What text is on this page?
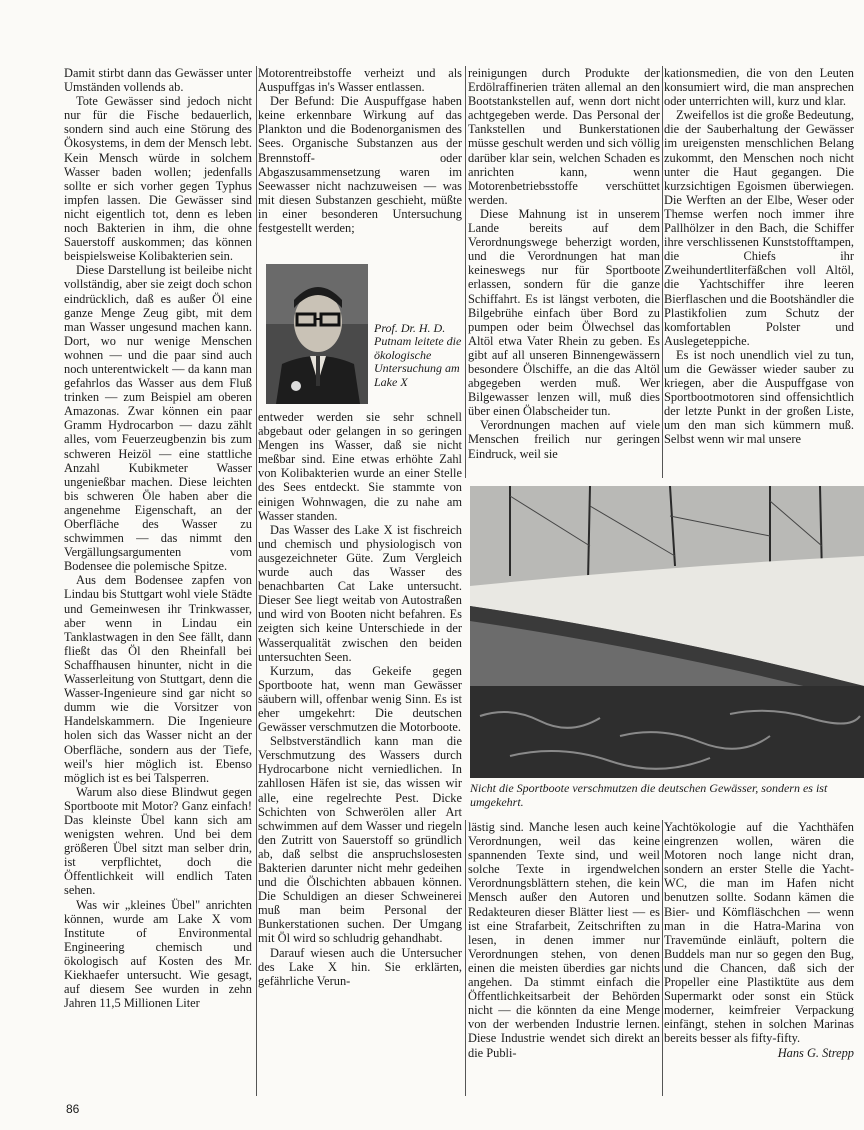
Damit stirbt dann das Gewässer unter Umständen vollends ab.

Tote Gewässer sind jedoch nicht nur für die Fische bedauerlich, sondern sind auch eine Störung des Ökosystems, in dem der Mensch lebt. Kein Mensch würde in solchem Wasser baden wollen; jedenfalls sollte er sich vorher gegen Typhus impfen lassen. Die Gewässer sind nicht eigentlich tot, denn es leben noch Bakterien in ihm, die ohne Sauerstoff auskommen; das können beispielsweise Kolibakterien sein.

Diese Darstellung ist beileibe nicht vollständig, aber sie zeigt doch schon eindrücklich, daß es außer Öl eine ganze Menge Zeug gibt, mit dem man Wasser ungesund machen kann. Dort, wo nur wenige Menschen wohnen — und die paar sind auch noch unterentwickelt — da kann man gefahrlos das Wasser aus dem Fluß trinken — zum Beispiel am oberen Amazonas. Zwar können ein paar Gramm Hydrocarbon — dazu zählt alles, vom Feuerzeugbenzin bis zum schweren Heizöl — eine stattliche Anzahl Kubikmeter Wasser ungenießbar machen. Diese leichten bis schweren Öle haben aber die angenehme Eigenschaft, an der Oberfläche des Wasser zu schwimmen — das nimmt den Vergällungsargumenten vom Bodensee die polemische Spitze.

Aus dem Bodensee zapfen von Lindau bis Stuttgart wohl viele Städte und Gemeinwesen ihr Trinkwasser, aber wenn in Lindau ein Tanklastwagen in den See fällt, dann fließt das Öl den Rheinfall bei Schaffhausen hinunter, nicht in die Wasserleitung von Stuttgart, denn die Wasser-Ingenieure sind gar nicht so dumm wie die Vorsitzer von Handelskammern. Die Ingenieure holen sich das Wasser nicht an der Oberfläche, sondern aus der Tiefe, weil's hier möglich ist. Ebenso möglich ist es bei Talsperren.

Warum also diese Blindwut gegen Sportboote mit Motor? Ganz einfach! Das kleinste Übel kann sich am wenigsten wehren. Und bei dem größeren Übel sitzt man selber drin, ist verpflichtet, doch die Öffentlichkeit will endlich Taten sehen.

Was wir „kleines Übel" anrichten können, wurde am Lake X vom Institute of Environmental Engineering chemisch und ökologisch auf Kosten des Mr. Kiekhaefer untersucht. Wie gesagt, auf diesem See wurden in zehn Jahren 11,5 Millionen Liter

Motorentreibstoffe verheizt und als Auspuffgas in's Wasser entlassen.

Der Befund: Die Auspuffgase haben keine erkennbare Wirkung auf das Plankton und die Bodenorganismen des Sees. Organische Substanzen aus der Brennstoff- oder Abgaszusammensetzung waren im Seewasser nicht nachzuweisen — was mit diesen Substanzen geschieht, müßte in einer besonderen Untersuchung festgestellt werden;

Prof. Dr. H. D. Putnam leitete die ökologische Untersuchung am Lake X

entweder werden sie sehr schnell abgebaut oder gelangen in so geringen Mengen ins Wasser, daß sie nicht meßbar sind. Eine etwas erhöhte Zahl von Kolibakterien wurde an einer Stelle des Sees entdeckt. Sie stammte von einigen Wohnwagen, die zu nahe am Wasser standen.

Das Wasser des Lake X ist fischreich und chemisch und physiologisch von ausgezeichneter Güte. Zum Vergleich wurde auch das Wasser des benachbarten Cat Lake untersucht. Dieser See liegt weitab von Autostraßen und wird von Booten nicht befahren. Es zeigten sich keine Unterschiede in der Wasserqualität zwischen den beiden untersuchten Seen.

Kurzum, das Gekeife gegen Sportboote hat, wenn man Gewässer säubern will, offenbar wenig Sinn. Es ist eher umgekehrt: Die deutschen Gewässer verschmutzen die Motorboote.

Selbstverständlich kann man die Verschmutzung des Wassers durch Hydrocarbone nicht verniedlichen. In zahllosen Häfen ist sie, das wissen wir alle, eine regelrechte Pest. Dicke Schichten von Schwerölen aller Art schwimmen auf dem Wasser und riegeln den Zutritt von Sauerstoff so gründlich ab, daß selbst die anspruchslosesten Bakterien darunter nicht mehr gedeihen und die Ölschichten abbauen können. Die Schuldigen an dieser Schweinerei muß man beim Personal der Bunkerstationen suchen. Der Umgang mit Öl wird so schludrig gehandhabt.

Darauf wiesen auch die Untersucher des Lake X hin. Sie erklärten, gefährliche Verun-

reinigungen durch Produkte der Erdölraffinerien träten allemal an den Bootstankstellen auf, wenn dort nicht achtgegeben werde. Das Personal der Tankstellen und Bunkerstationen müsse geschult werden und sich völlig darüber klar sein, welchen Schaden es anrichten kann, wenn Motorenbetriebsstoffe verschüttet werden.

Diese Mahnung ist in unserem Lande bereits auf dem Verordnungswege beherzigt worden, und die Verordnungen hat man keineswegs nur für Sportboote erlassen, sondern für die ganze Schiffahrt. Es ist längst verboten, die Bilgebrühe einfach über Bord zu pumpen oder beim Ölwechsel das Altöl etwa Vater Rhein zu geben. Es gibt auf all unseren Binnengewässern besondere Ölschiffe, an die das Altöl abgegeben werden muß. Wer Bilgewasser lenzen will, muß dies über einen Ölabscheider tun.

Verordnungen machen auf viele Menschen freilich nur geringen Eindruck, weil sie

kationsmedien, die von den Leuten konsumiert wird, die man ansprechen oder unterrichten will, kurz und klar.

Zweifellos ist die große Bedeutung, die der Sauberhaltung der Gewässer im ureigensten menschlichen Belang zukommt, den Menschen noch nicht unter die Haut gegangen. Die kurzsichtigen Egoismen überwiegen. Die Werften an der Elbe, Weser oder Themse werfen noch immer ihre Pallhölzer in den Bach, die Schiffer ihre verschlissenen Kunststofftampen, die Chiefs ihr Zweihundertliterfäßchen voll Altöl, die Yachtschiffer ihre leeren Bierflaschen und die Bootshändler die Plastikfolien zum Schutz der komfortablen Polster und Auslegeteppiche.

Es ist noch unendlich viel zu tun, um die Gewässer wieder sauber zu kriegen, aber die Auspuffgase von Sportbootmotoren sind offensichtlich der letzte Punkt in der großen Liste, um den man sich kümmern muß. Selbst wenn wir mal unsere

Nicht die Sportboote verschmutzen die deutschen Gewässer, sondern es ist umgekehrt.

lästig sind. Manche lesen auch keine Verordnungen, weil das keine spannenden Texte sind, und weil solche Texte in irgendwelchen Verordnungsblättern stehen, die kein Mensch außer den Autoren und Redakteuren dieser Blätter liest — es ist eine Strafarbeit, Zeitschriften zu lesen, in denen immer nur Verordnungen stehen, von denen einen die meisten überdies gar nichts angehen. Da stimmt einfach die Öffentlichkeitsarbeit der Behörden nicht — die könnten da eine Menge von der werbenden Industrie lernen. Diese Industrie wendet sich direkt an die Publi-

Yachtökologie auf die Yachthäfen eingrenzen wollen, wären die Motoren noch lange nicht dran, sondern an erster Stelle die Yacht-WC, die man im Hafen nicht benutzen sollte. Sodann kämen die Bier- und Kömfläschchen — wenn man in die Hatra-Marina von Travemünde einläuft, poltern die Buddels man nur so gegen den Bug, und die Chancen, daß sich der Propeller eine Plastiktüte aus dem Supermarkt oder sonst ein Stück moderner, keimfreier Verpackung einfängt, stehen in solchen Marinas bereits besser als fifty-fifty.

Hans G. Strepp

86
